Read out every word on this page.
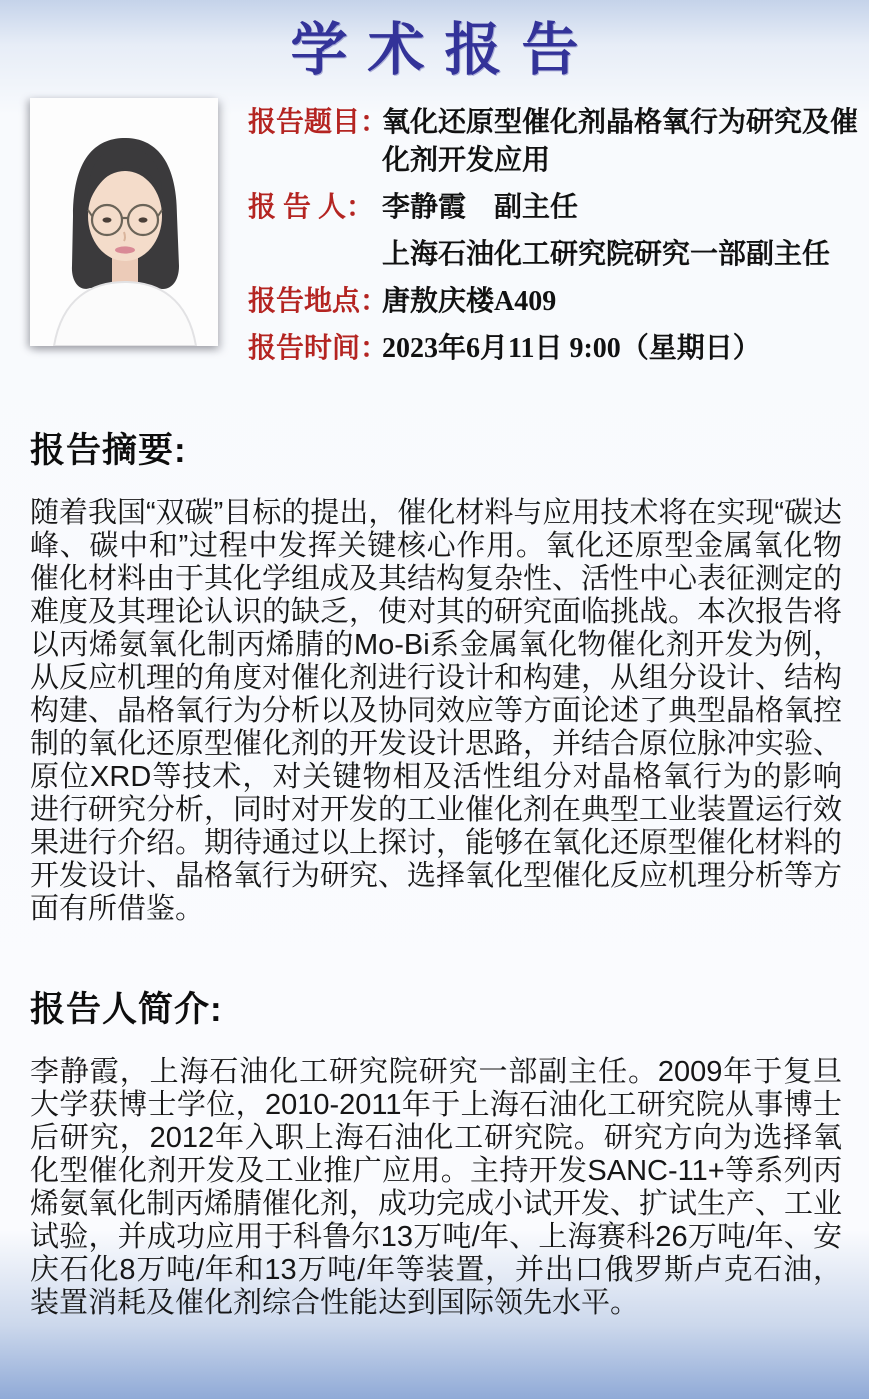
学术报告
报告题目：
氧化还原型催化剂晶格氧行为研究及催化剂开发应用
报 告 人： 李静霞　副主任
上海石油化工研究院研究一部副主任
报告地点：
唐敖庆楼A409
报告时间：
2023年6月11日 9:00（星期日）
报告摘要:
随着我国“双碳”目标的提出，催化材料与应用技术将在实现“碳达峰、碳中和”过程中发挥关键核心作用。氧化还原型金属氧化物催化材料由于其化学组成及其结构复杂性、活性中心表征测定的难度及其理论认识的缺乏，使对其的研究面临挑战。本次报告将以丙烯氨氧化制丙烯腈的Mo-Bi系金属氧化物催化剂开发为例，从反应机理的角度对催化剂进行设计和构建，从组分设计、结构构建、晶格氧行为分析以及协同效应等方面论述了典型晶格氧控制的氧化还原型催化剂的开发设计思路，并结合原位脉冲实验、原位XRD等技术，对关键物相及活性组分对晶格氧行为的影响进行研究分析，同时对开发的工业催化剂在典型工业装置运行效果进行介绍。期待通过以上探讨，能够在氧化还原型催化材料的开发设计、晶格氧行为研究、选择氧化型催化反应机理分析等方面有所借鉴。
报告人简介:
李静霞，上海石油化工研究院研究一部副主任。2009年于复旦大学获博士学位，2010-2011年于上海石油化工研究院从事博士后研究，2012年入职上海石油化工研究院。研究方向为选择氧化型催化剂开发及工业推广应用。主持开发SANC-11+等系列丙烯氨氧化制丙烯腈催化剂，成功完成小试开发、扩试生产、工业试验，并成功应用于科鲁尔13万吨/年、上海赛科26万吨/年、安庆石化8万吨/年和13万吨/年等装置，并出口俄罗斯卢克石油，装置消耗及催化剂综合性能达到国际领先水平。
